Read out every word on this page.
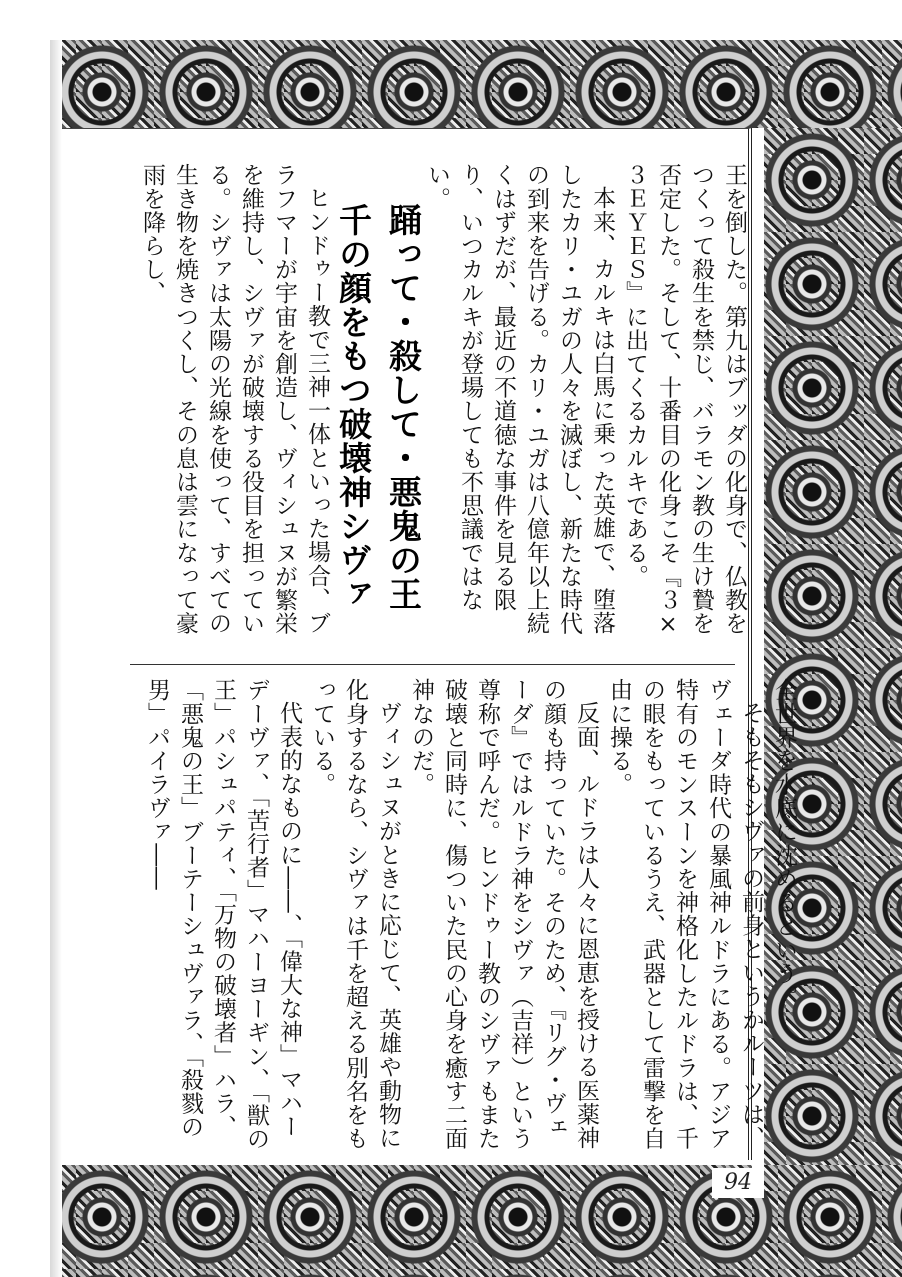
王を倒した。第九はブッダの化身で、仏教をつくって殺生を禁じ、バラモン教の生け贄を否定した。そして、十番目の化身こそ『３×３ＥＹＥＳ』に出てくるカルキである。

本来、カルキは白馬に乗った英雄で、堕落したカリ・ユガの人々を滅ぼし、新たな時代の到来を告げる。カリ・ユガは八億年以上続くはずだが、最近の不道徳な事件を見る限り、いつカルキが登場しても不思議ではない。

踊って・殺して・悪鬼の王
千の顔をもつ破壊神シヴァ

ヒンドゥー教で三神一体といった場合、ブラフマーが宇宙を創造し、ヴィシュヌが繁栄を維持し、シヴァが破壊する役目を担っている。シヴァは太陽の光線を使って、すべての生き物を焼きつくし、その息は雲になって豪雨を降らし、

全世界を水底に沈めるという。

そもそもシヴァの前身というかルーツは、ヴェーダ時代の暴風神ルドラにある。アジア特有のモンスーンを神格化したルドラは、千の眼をもっているうえ、武器として雷撃を自由に操る。

反面、ルドラは人々に恩恵を授ける医薬神の顔も持っていた。そのため、『リグ・ヴェーダ』ではルドラ神をシヴァ（吉祥）という尊称で呼んだ。ヒンドゥー教のシヴァもまた破壊と同時に、傷ついた民の心身を癒す二面神なのだ。

ヴィシュヌがときに応じて、英雄や動物に化身するなら、シヴァは千を超える別名をもっている。

代表的なものに――、「偉大な神」マハーデーヴァ、「苦行者」マハーヨーギン、「獣の王」パシュパティ、「万物の破壊者」ハラ、「悪鬼の王」ブーテーシュヴァラ、「殺戮の男」パイラヴァ――

94
